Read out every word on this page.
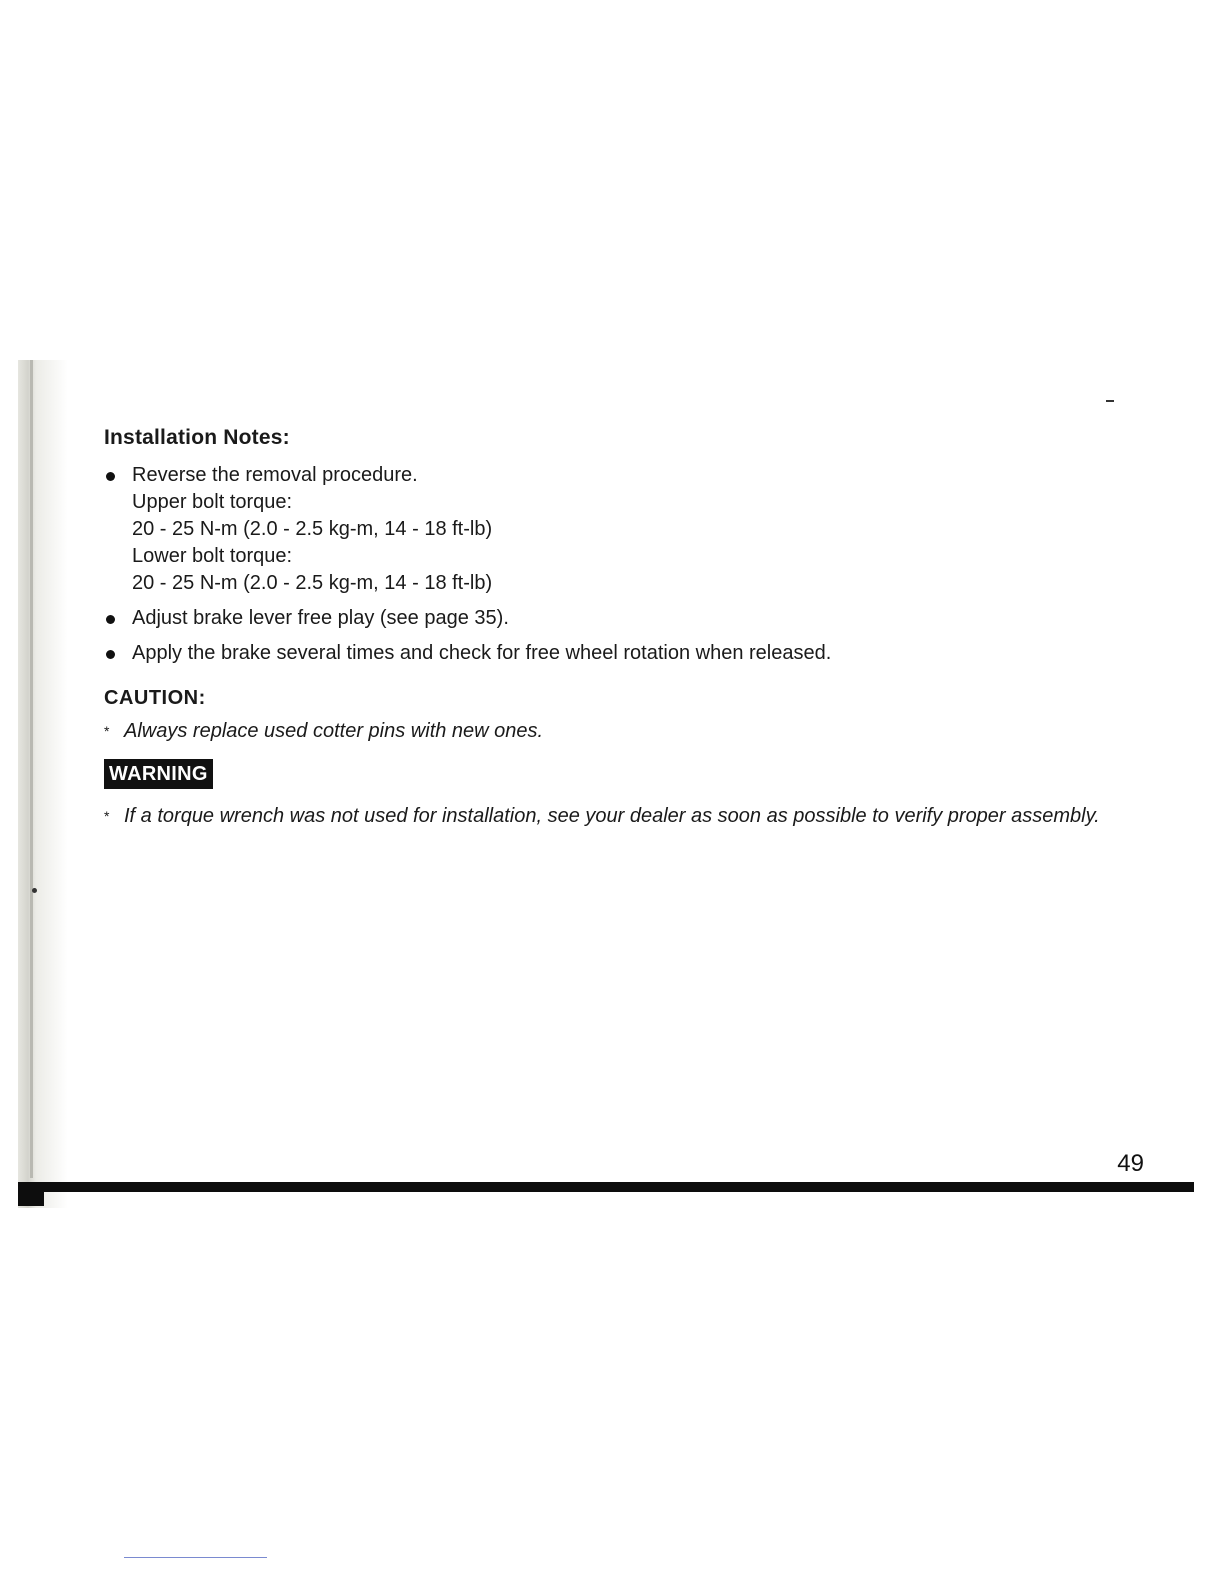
Installation Notes:
Reverse the removal procedure.
Upper bolt torque:
20 - 25 N-m (2.0 - 2.5 kg-m, 14 - 18 ft-lb)
Lower bolt torque:
20 - 25 N-m (2.0 - 2.5 kg-m, 14 - 18 ft-lb)
Adjust brake lever free play (see page 35).
Apply the brake several times and check for free wheel rotation when released.
CAUTION:
* Always replace used cotter pins with new ones.
WARNING
* If a torque wrench was not used for installation, see your dealer as soon as possible to verify proper assembly.
49
